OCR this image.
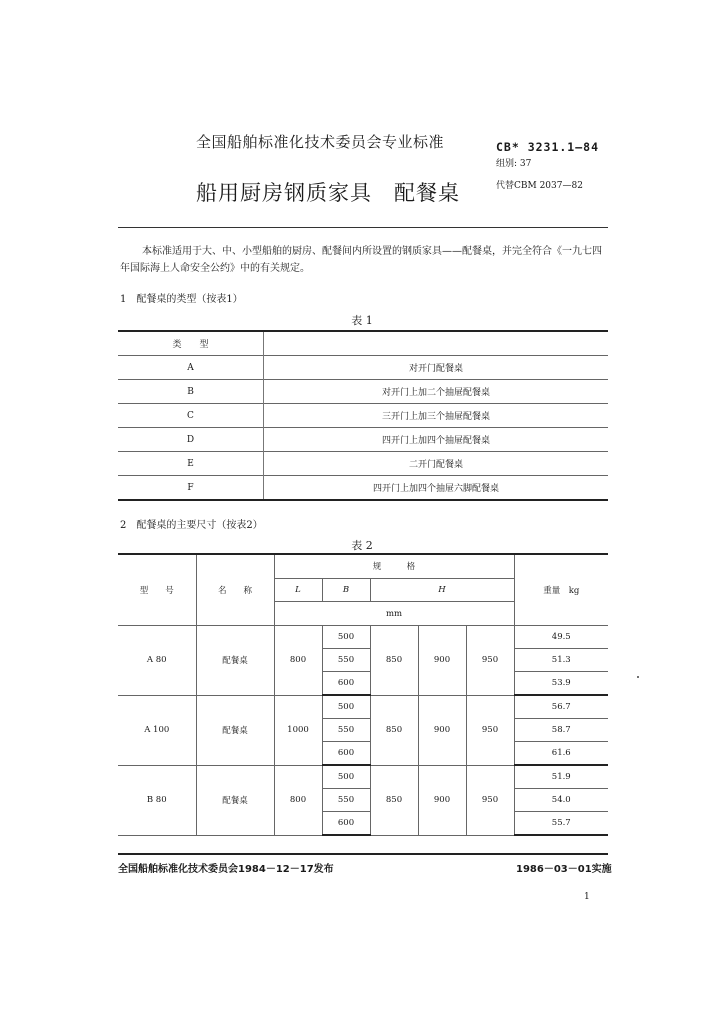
全国船舶标准化技术委员会专业标准
船用厨房钢质家具　配餐桌
CB* 3231.1—84
组别: 37
代替CBM 2037—82
本标准适用于大、中、小型船舶的厨房、配餐间内所设置的钢质家具——配餐桌，并完全符合《一九七四年国际海上人命安全公约》中的有关规定。
1　配餐桌的类型（按表1）
表 1
类　　型	
A	对开门配餐桌
B	对开门上加二个抽屉配餐桌
C	三开门上加三个抽屉配餐桌
D	四开门上加四个抽屉配餐桌
E	二开门配餐桌
F	四开门上加四个抽屉六脚配餐桌
2　配餐桌的主要尺寸（按表2）
表 2
型　　号	名　　称	规　　　格					重量　kg
		L	B	H			
		mm					
A 80	配餐桌	800	500	850	900	950	49.5
			550				51.3
			600				53.9
A 100	配餐桌	1000	500	850	900	950	56.7
			550				58.7
			600				61.6
B 80	配餐桌	800	500	850	900	950	51.9
			550				54.0
			600				55.7
全国船舶标准化技术委员会1984－12－17发布	1986－03－01实施
1
